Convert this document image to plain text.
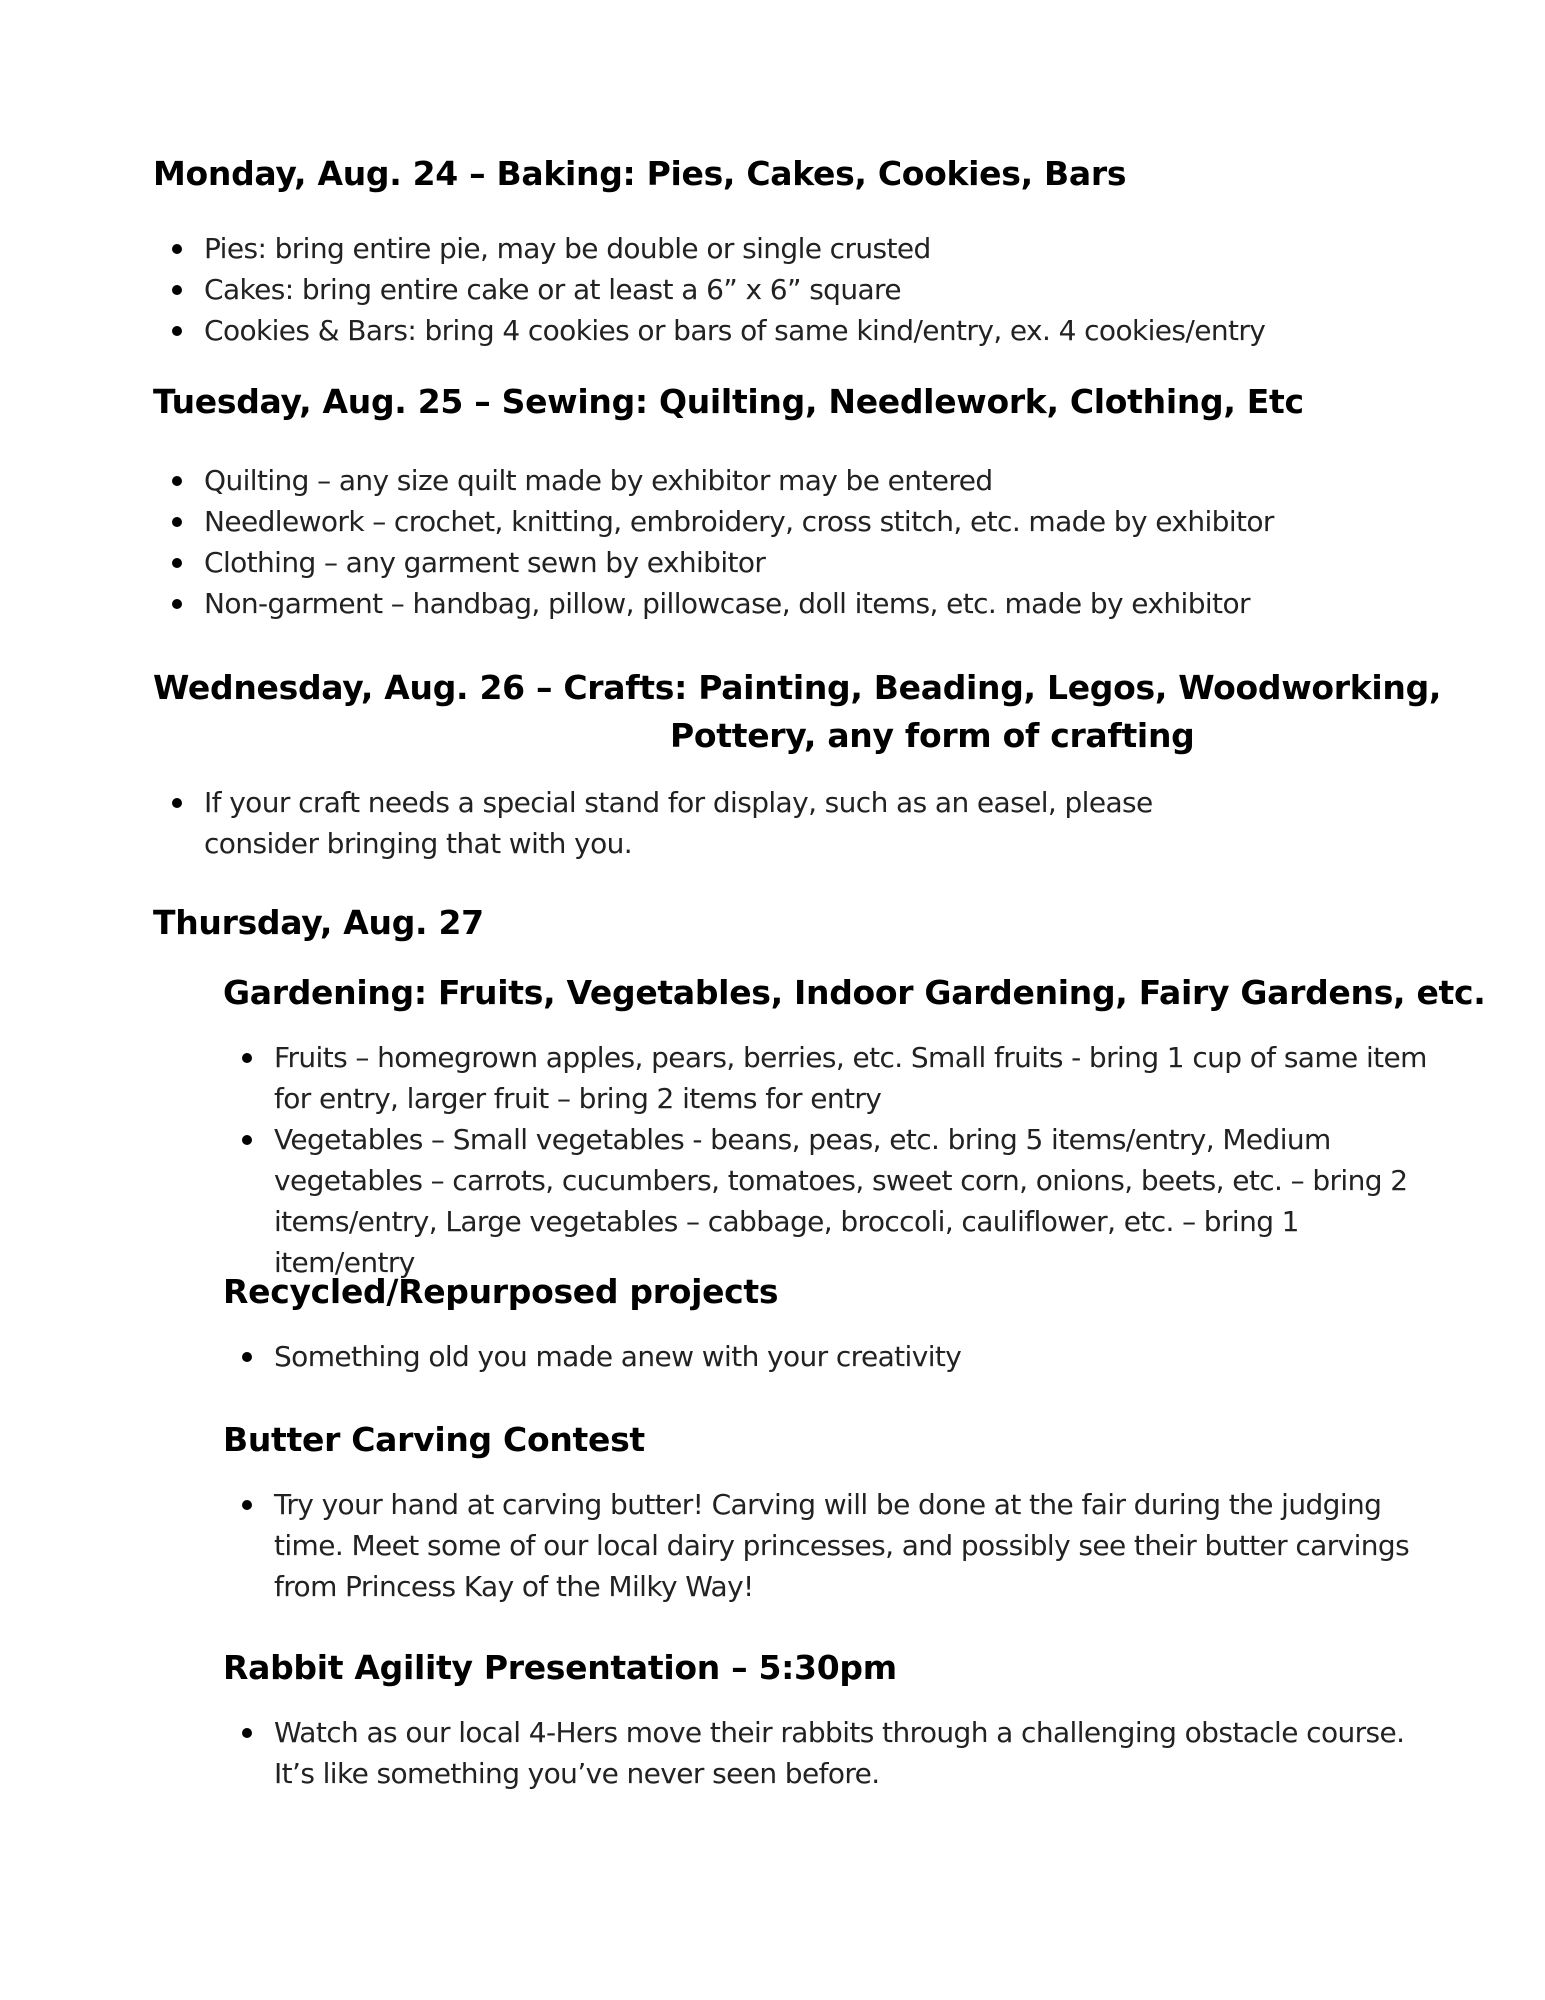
Monday, Aug. 24 – Baking: Pies, Cakes, Cookies, Bars
Pies: bring entire pie, may be double or single crusted
Cakes: bring entire cake or at least a 6” x 6” square
Cookies & Bars: bring 4 cookies or bars of same kind/entry, ex. 4 cookies/entry
Tuesday, Aug. 25 – Sewing: Quilting, Needlework, Clothing, Etc
Quilting – any size quilt made by exhibitor may be entered
Needlework – crochet, knitting, embroidery, cross stitch, etc. made by exhibitor
Clothing – any garment sewn by exhibitor
Non-garment – handbag, pillow, pillowcase, doll items, etc. made by exhibitor
Wednesday, Aug. 26 – Crafts: Painting, Beading, Legos, Woodworking,
Pottery, any form of crafting
If your craft needs a special stand for display, such as an easel, please consider bringing that with you.
Thursday, Aug. 27
Gardening: Fruits, Vegetables, Indoor Gardening, Fairy Gardens, etc.
Fruits – homegrown apples, pears, berries, etc. Small fruits - bring 1 cup of same item for entry, larger fruit – bring 2 items for entry
Vegetables – Small vegetables - beans, peas, etc. bring 5 items/entry, Medium vegetables – carrots, cucumbers, tomatoes, sweet corn, onions, beets, etc. – bring 2 items/entry, Large vegetables – cabbage, broccoli, cauliflower, etc. – bring 1 item/entry
Recycled/Repurposed projects
Something old you made anew with your creativity
Butter Carving Contest
Try your hand at carving butter! Carving will be done at the fair during the judging time. Meet some of our local dairy princesses, and possibly see their butter carvings from Princess Kay of the Milky Way!
Rabbit Agility Presentation – 5:30pm
Watch as our local 4-Hers move their rabbits through a challenging obstacle course. It’s like something you’ve never seen before.
